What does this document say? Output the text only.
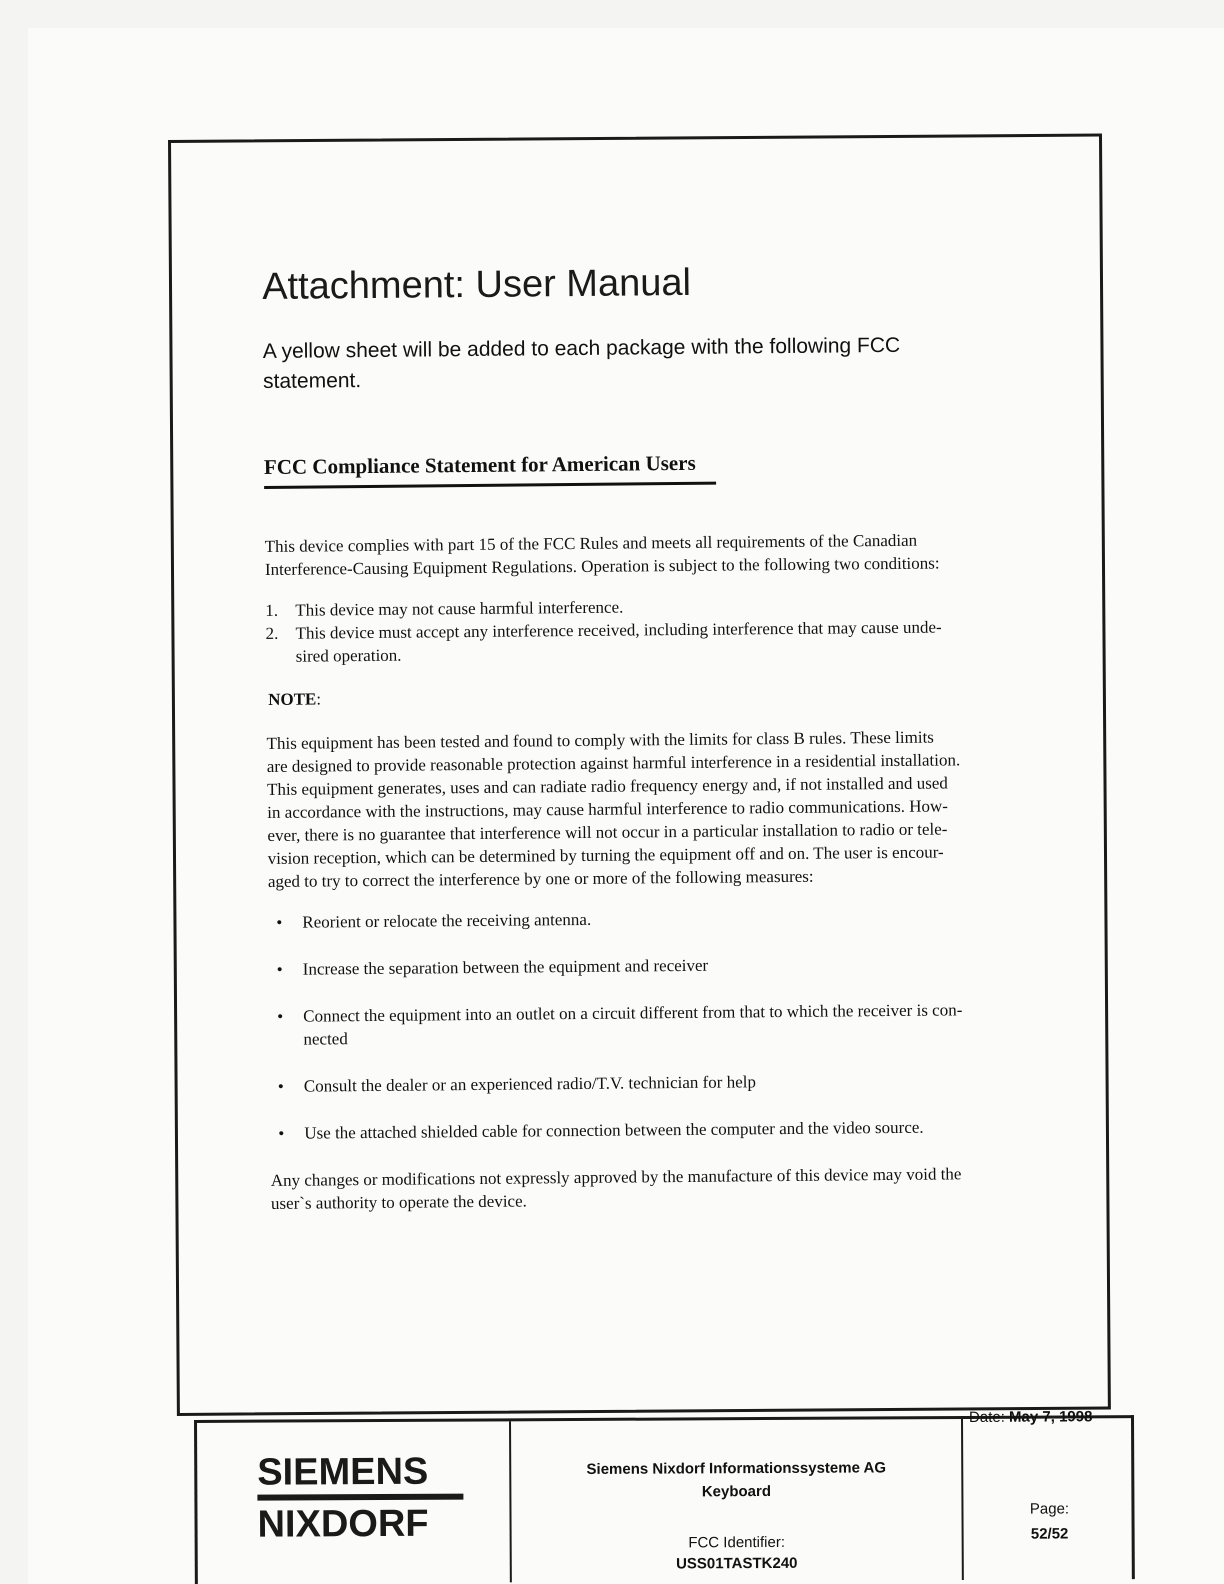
Attachment: User Manual

A yellow sheet will be added to each package with the following FCC
statement.

FCC Compliance Statement for American Users

This device complies with part 15 of the FCC Rules and meets all requirements of the Canadian
Interference-Causing Equipment Regulations. Operation is subject to the following two conditions:

1. This device may not cause harmful interference.
2. This device must accept any interference received, including interference that may cause unde-
sired operation.
NOTE:

This equipment has been tested and found to comply with the limits for class B rules. These limits
are designed to provide reasonable protection against harmful interference in a residential installation.
This equipment generates, uses and can radiate radio frequency energy and, if not installed and used
in accordance with the instructions, may cause harmful interference to radio communications. How-
ever, there is no guarantee that interference will not occur in a particular installation to radio or tele-
vision reception, which can be determined by turning the equipment off and on. The user is encour-
aged to try to correct the interference by one or more of the following measures:

• Reorient or relocate the receiving antenna.
• Increase the separation between the equipment and receiver
• Connect the equipment into an outlet on a circuit different from that to which the receiver is con-
nected
• Consult the dealer or an experienced radio/T.V. technician for help
• Use the attached shielded cable for connection between the computer and the video source.

Any changes or modifications not expressly approved by the manufacture of this device may void the
user`s authority to operate the device.

SIEMENS
NIXDORF
Siemens Nixdorf Informationssysteme AG
Keyboard
FCC Identifier:
USS01TASTK240
Date: May 7, 1998
Page:
52/52
